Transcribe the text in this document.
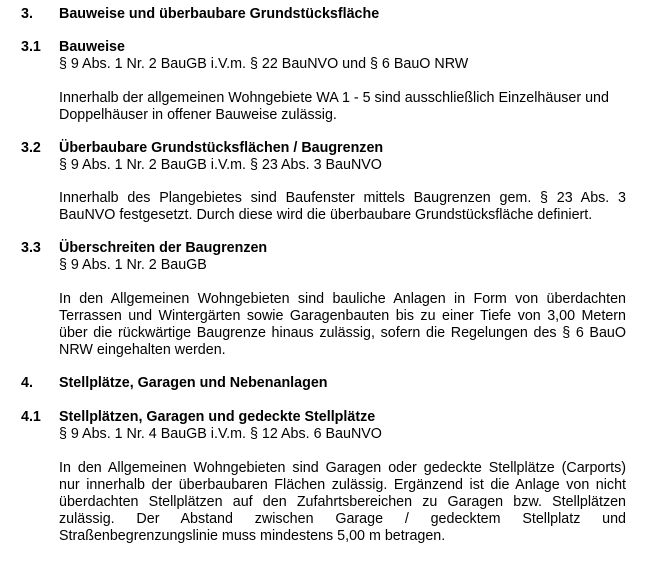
3. Bauweise und überbaubare Grundstücksfläche
3.1 Bauweise
§ 9 Abs. 1 Nr. 2 BauGB i.V.m. § 22 BauNVO und § 6 BauO NRW
Innerhalb der allgemeinen Wohngebiete WA 1 - 5 sind ausschließlich Einzelhäuser und
Doppelhäuser in offener Bauweise zulässig.
3.2 Überbaubare Grundstücksflächen / Baugrenzen
§ 9 Abs. 1 Nr. 2 BauGB i.V.m. § 23 Abs. 3 BauNVO
Innerhalb des Plangebietes sind Baufenster mittels Baugrenzen gem. § 23 Abs. 3
BauNVO festgesetzt. Durch diese wird die überbaubare Grundstücksfläche definiert.
3.3 Überschreiten der Baugrenzen
§ 9 Abs. 1 Nr. 2 BauGB
In den Allgemeinen Wohngebieten sind bauliche Anlagen in Form von überdachten
Terrassen und Wintergärten sowie Garagenbauten bis zu einer Tiefe von 3,00 Metern
über die rückwärtige Baugrenze hinaus zulässig, sofern die Regelungen des § 6 BauO
NRW eingehalten werden.
4. Stellplätze, Garagen und Nebenanlagen
4.1 Stellplätzen, Garagen und gedeckte Stellplätze
§ 9 Abs. 1 Nr. 4 BauGB i.V.m. § 12 Abs. 6 BauNVO
In den Allgemeinen Wohngebieten sind Garagen oder gedeckte Stellplätze (Carports)
nur innerhalb der überbaubaren Flächen zulässig. Ergänzend ist die Anlage von nicht
überdachten Stellplätzen auf den Zufahrtsbereichen zu Garagen bzw. Stellplätzen
zulässig. Der Abstand zwischen Garage / gedecktem Stellplatz und
Straßenbegrenzungslinie muss mindestens 5,00 m betragen.
